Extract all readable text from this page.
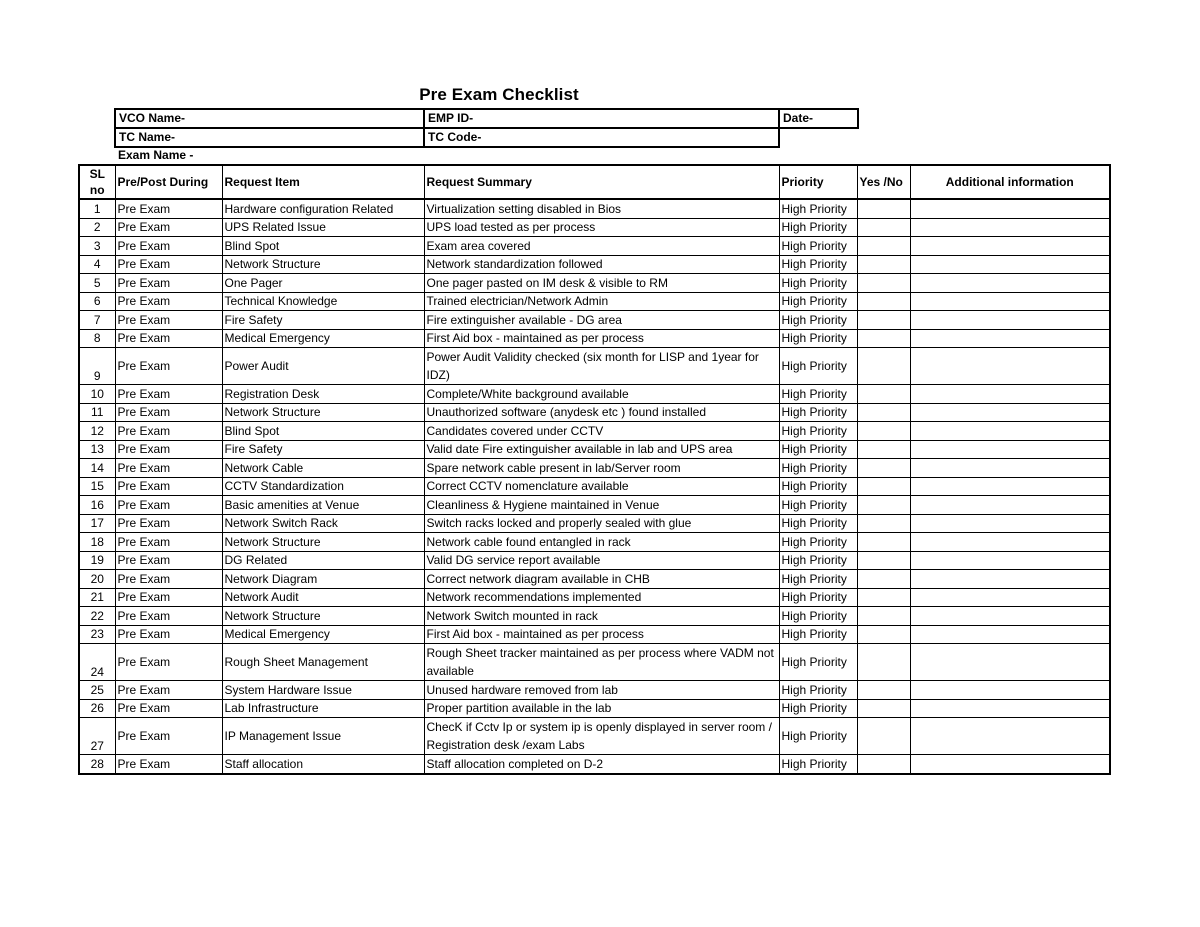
Pre Exam Checklist
VCO Name-	EMP ID-	Date-
TC Name-	TC Code-
Exam Name -
SL no	Pre/Post During	Request Item	Request Summary	Priority	Yes /No	Additional information
1	Pre Exam	Hardware configuration Related	Virtualization setting disabled in Bios	High Priority		
2	Pre Exam	UPS Related Issue	UPS load tested as per process	High Priority		
3	Pre Exam	Blind Spot	Exam area covered	High Priority		
4	Pre Exam	Network Structure	Network standardization followed	High Priority		
5	Pre Exam	One Pager	One pager pasted on IM desk & visible to RM	High Priority		
6	Pre Exam	Technical Knowledge	Trained electrician/Network Admin	High Priority		
7	Pre Exam	Fire Safety	Fire extinguisher available - DG area	High Priority		
8	Pre Exam	Medical Emergency	First Aid box - maintained as per process	High Priority		
9	Pre Exam	Power Audit	Power Audit Validity checked (six month for LISP and 1year for IDZ)	High Priority		
10	Pre Exam	Registration Desk	Complete/White background available	High Priority		
11	Pre Exam	Network Structure	Unauthorized software (anydesk etc ) found installed	High Priority		
12	Pre Exam	Blind Spot	Candidates covered under CCTV	High Priority		
13	Pre Exam	Fire Safety	Valid date Fire extinguisher available in lab and UPS area	High Priority		
14	Pre Exam	Network Cable	Spare network cable present in lab/Server room	High Priority		
15	Pre Exam	CCTV Standardization	Correct CCTV nomenclature available	High Priority		
16	Pre Exam	Basic amenities at Venue	Cleanliness & Hygiene maintained in Venue	High Priority		
17	Pre Exam	Network Switch Rack	Switch racks locked and properly sealed with glue	High Priority		
18	Pre Exam	Network Structure	Network cable found entangled in rack	High Priority		
19	Pre Exam	DG Related	Valid DG service report available	High Priority		
20	Pre Exam	Network Diagram	Correct network diagram available in CHB	High Priority		
21	Pre Exam	Network Audit	Network recommendations implemented	High Priority		
22	Pre Exam	Network Structure	Network Switch mounted in rack	High Priority		
23	Pre Exam	Medical Emergency	First Aid box - maintained as per process	High Priority		
24	Pre Exam	Rough Sheet Management	Rough Sheet tracker maintained as per process where VADM not available	High Priority		
25	Pre Exam	System Hardware Issue	Unused hardware removed from lab	High Priority		
26	Pre Exam	Lab Infrastructure	Proper partition available in the lab	High Priority		
27	Pre Exam	IP Management Issue	ChecK if Cctv Ip or system ip is openly displayed in server room / Registration desk /exam Labs	High Priority		
28	Pre Exam	Staff allocation	Staff allocation completed on D-2	High Priority		
